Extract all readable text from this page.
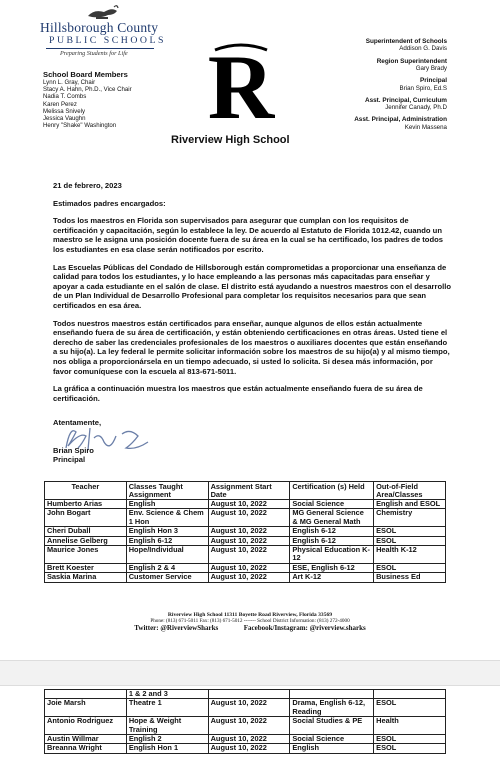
Hillsborough County
PUBLIC SCHOOLS
Preparing Students for Life
School Board Members
Lynn L. Gray, Chair
Stacy A. Hahn, Ph.D., Vice Chair
Nadia T. Combs
Karen Perez
Melissa Snively
Jessica Vaughn
Henry "Shake" Washington R
Riverview High School
Superintendent of Schools
Addison G. Davis
Region Superintendent
Gary Brady
Principal
Brian Spiro, Ed.S
Asst. Principal, Curriculum
Jennifer Canady, Ph.D
Asst. Principal, Administration
Kevin Massena

21 de febrero, 2023

Estimados padres encargados:

Todos los maestros en Florida son supervisados para asegurar que cumplan con los requisitos de certificación y capacitación, según lo establece la ley. De acuerdo al Estatuto de Florida 1012.42, cuando un maestro se le asigna una posición docente fuera de su área en la cual se ha certificado, los padres de todos los estudiantes en esa clase serán notificados por escrito.

Las Escuelas Públicas del Condado de Hillsborough están comprometidas a proporcionar una enseñanza de calidad para todos los estudiantes, y lo hace empleando a las personas más capacitadas para enseñar y apoyar a cada estudiante en el salón de clase. El distrito está ayudando a nuestros maestros con el desarrollo de un Plan Individual de Desarrollo Profesional para completar los requisitos necesarios para que sean certificados en esa área.

Todos nuestros maestros están certificados para enseñar, aunque algunos de ellos están actualmente enseñando fuera de su área de certificación, y están obteniendo certificaciones en otras áreas. Usted tiene el derecho de saber las credenciales profesionales de los maestros o auxiliares docentes que están enseñando a su hijo(a). La ley federal le permite solicitar información sobre los maestros de su hijo(a) y al mismo tiempo, nos obliga a proporcionársela en un tiempo adecuado, si usted lo solicita. Si desea más información, por favor comuníquese con la escuela al 813-671-5011.

La gráfica a continuación muestra los maestros que están actualmente enseñando fuera de su área de certificación.

Atentamente,
Brian Spiro
Principal
Teacher	Classes Taught Assignment	Assignment Start Date	Certification (s) Held	Out-of-Field Area/Classes
Humberto Arias	English	August 10, 2022	Social Science	English and ESOL
John Bogart	Env. Science & Chem 1 Hon	August 10, 2022	MG General Science & MG General Math	Chemistry
Cheri Duball	English Hon 3	August 10, 2022	English 6-12	ESOL
Annelise Gelberg	English 6-12	August 10, 2022	English 6-12	ESOL
Maurice Jones	Hope/Individual	August 10, 2022	Physical Education K-12	Health K-12
Brett Koester	English 2 & 4	August 10, 2022	ESE, English 6-12	ESOL
Saskia Marina	Customer Service	August 10, 2022	Art K-12	Business Ed
Riverview High School 11311 Boyette Road Riverview, Florida 33569
Phone: (813) 671-5011 Fax: (813) 671-5012 ------- School District Information: (813) 272-4000
Twitter: @RiverviewSharks	Facebook/Instagram: @riverview.sharks
	1 & 2 and 3			
Joie Marsh	Theatre 1	August 10, 2022	Drama, English 6-12, Reading	ESOL
Antonio Rodriguez	Hope & Weight Training	August 10, 2022	Social Studies & PE	Health
Austin Willmar	English 2	August 10, 2022	Social Science	ESOL
Breanna Wright	English Hon 1	August 10, 2022	English	ESOL
